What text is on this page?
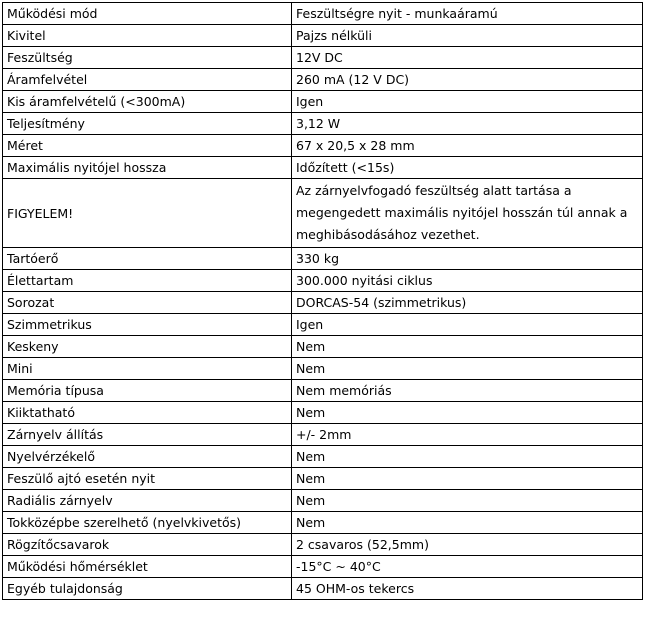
Működési mód	Feszültségre nyit - munkaáramú
Kivitel	Pajzs nélküli
Feszültség	12V DC
Áramfelvétel	260 mA (12 V DC)
Kis áramfelvételű (<300mA)	Igen
Teljesítmény	3,12 W
Méret	67 x 20,5 x 28 mm
Maximális nyitójel hossza	Időzített (<15s)
FIGYELEM!	Az zárnyelvfogadó feszültség alatt tartása a megengedett maximális nyitójel hosszán túl annak a meghibásodásához vezethet.
Tartóerő	330 kg
Élettartam	300.000 nyitási ciklus
Sorozat	DORCAS-54 (szimmetrikus)
Szimmetrikus	Igen
Keskeny	Nem
Mini	Nem
Memória típusa	Nem memóriás
Kiiktatható	Nem
Zárnyelv állítás	+/- 2mm
Nyelvérzékelő	Nem
Feszülő ajtó esetén nyit	Nem
Radiális zárnyelv	Nem
Tokközépbe szerelhető (nyelvkivetős)	Nem
Rögzítőcsavarok	2 csavaros (52,5mm)
Működési hőmérséklet	-15°C ~ 40°C
Egyéb tulajdonság	45 OHM-os tekercs
